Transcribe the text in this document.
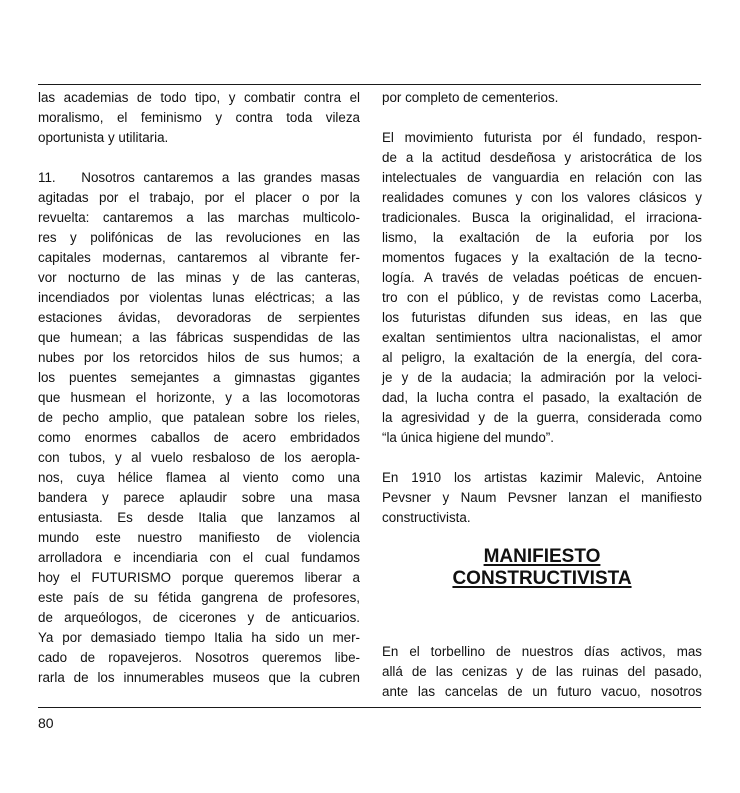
las academias de todo tipo, y combatir contra el
moralismo, el feminismo y contra toda vileza
oportunista y utilitaria.
11.   Nosotros cantaremos a las grandes masas
agitadas por el trabajo, por el placer o por la
revuelta: cantaremos a las marchas multicolo-
res y polifónicas de las revoluciones en las
capitales modernas, cantaremos al vibrante fer-
vor nocturno de las minas y de las canteras,
incendiados por violentas lunas eléctricas; a las
estaciones ávidas, devoradoras de serpientes
que humean; a las fábricas suspendidas de las
nubes por los retorcidos hilos de sus humos; a
los puentes semejantes a gimnastas gigantes
que husmean el horizonte, y a las locomotoras
de pecho amplio, que patalean sobre los rieles,
como enormes caballos de acero embridados
con tubos, y al vuelo resbaloso de los aeropla-
nos, cuya hélice flamea al viento como una
bandera y parece aplaudir sobre una masa
entusiasta. Es desde Italia que lanzamos al
mundo este nuestro manifiesto de violencia
arrolladora e incendiaria con el cual fundamos
hoy el FUTURISMO porque queremos liberar a
este país de su fétida gangrena de profesores,
de arqueólogos, de cicerones y de anticuarios.
Ya por demasiado tiempo Italia ha sido un mer-
cado de ropavejeros. Nosotros queremos libe-
rarla de los innumerables museos que la cubren
por completo de cementerios.
El movimiento futurista por él fundado, respon-
de a la actitud desdeñosa y aristocrática de los
intelectuales de vanguardia en relación con las
realidades comunes y con los valores clásicos y
tradicionales. Busca la originalidad, el irraciona-
lismo, la exaltación de la euforia por los
momentos fugaces y la exaltación de la tecno-
logía. A través de veladas poéticas de encuen-
tro con el público, y de revistas como Lacerba,
los futuristas difunden sus ideas, en las que
exaltan sentimientos ultra nacionalistas, el amor
al peligro, la exaltación de la energía, del cora-
je y de la audacia; la admiración por la veloci-
dad, la lucha contra el pasado, la exaltación de
la agresividad y de la guerra, considerada como
“la única higiene del mundo”.
En 1910 los artistas kazimir Malevic, Antoine
Pevsner y Naum Pevsner lanzan el manifiesto
constructivista.
MANIFIESTO
CONSTRUCTIVISTA
En el torbellino de nuestros días activos, mas
allá de las cenizas y de las ruinas del pasado,
ante las cancelas de un futuro vacuo, nosotros
80
